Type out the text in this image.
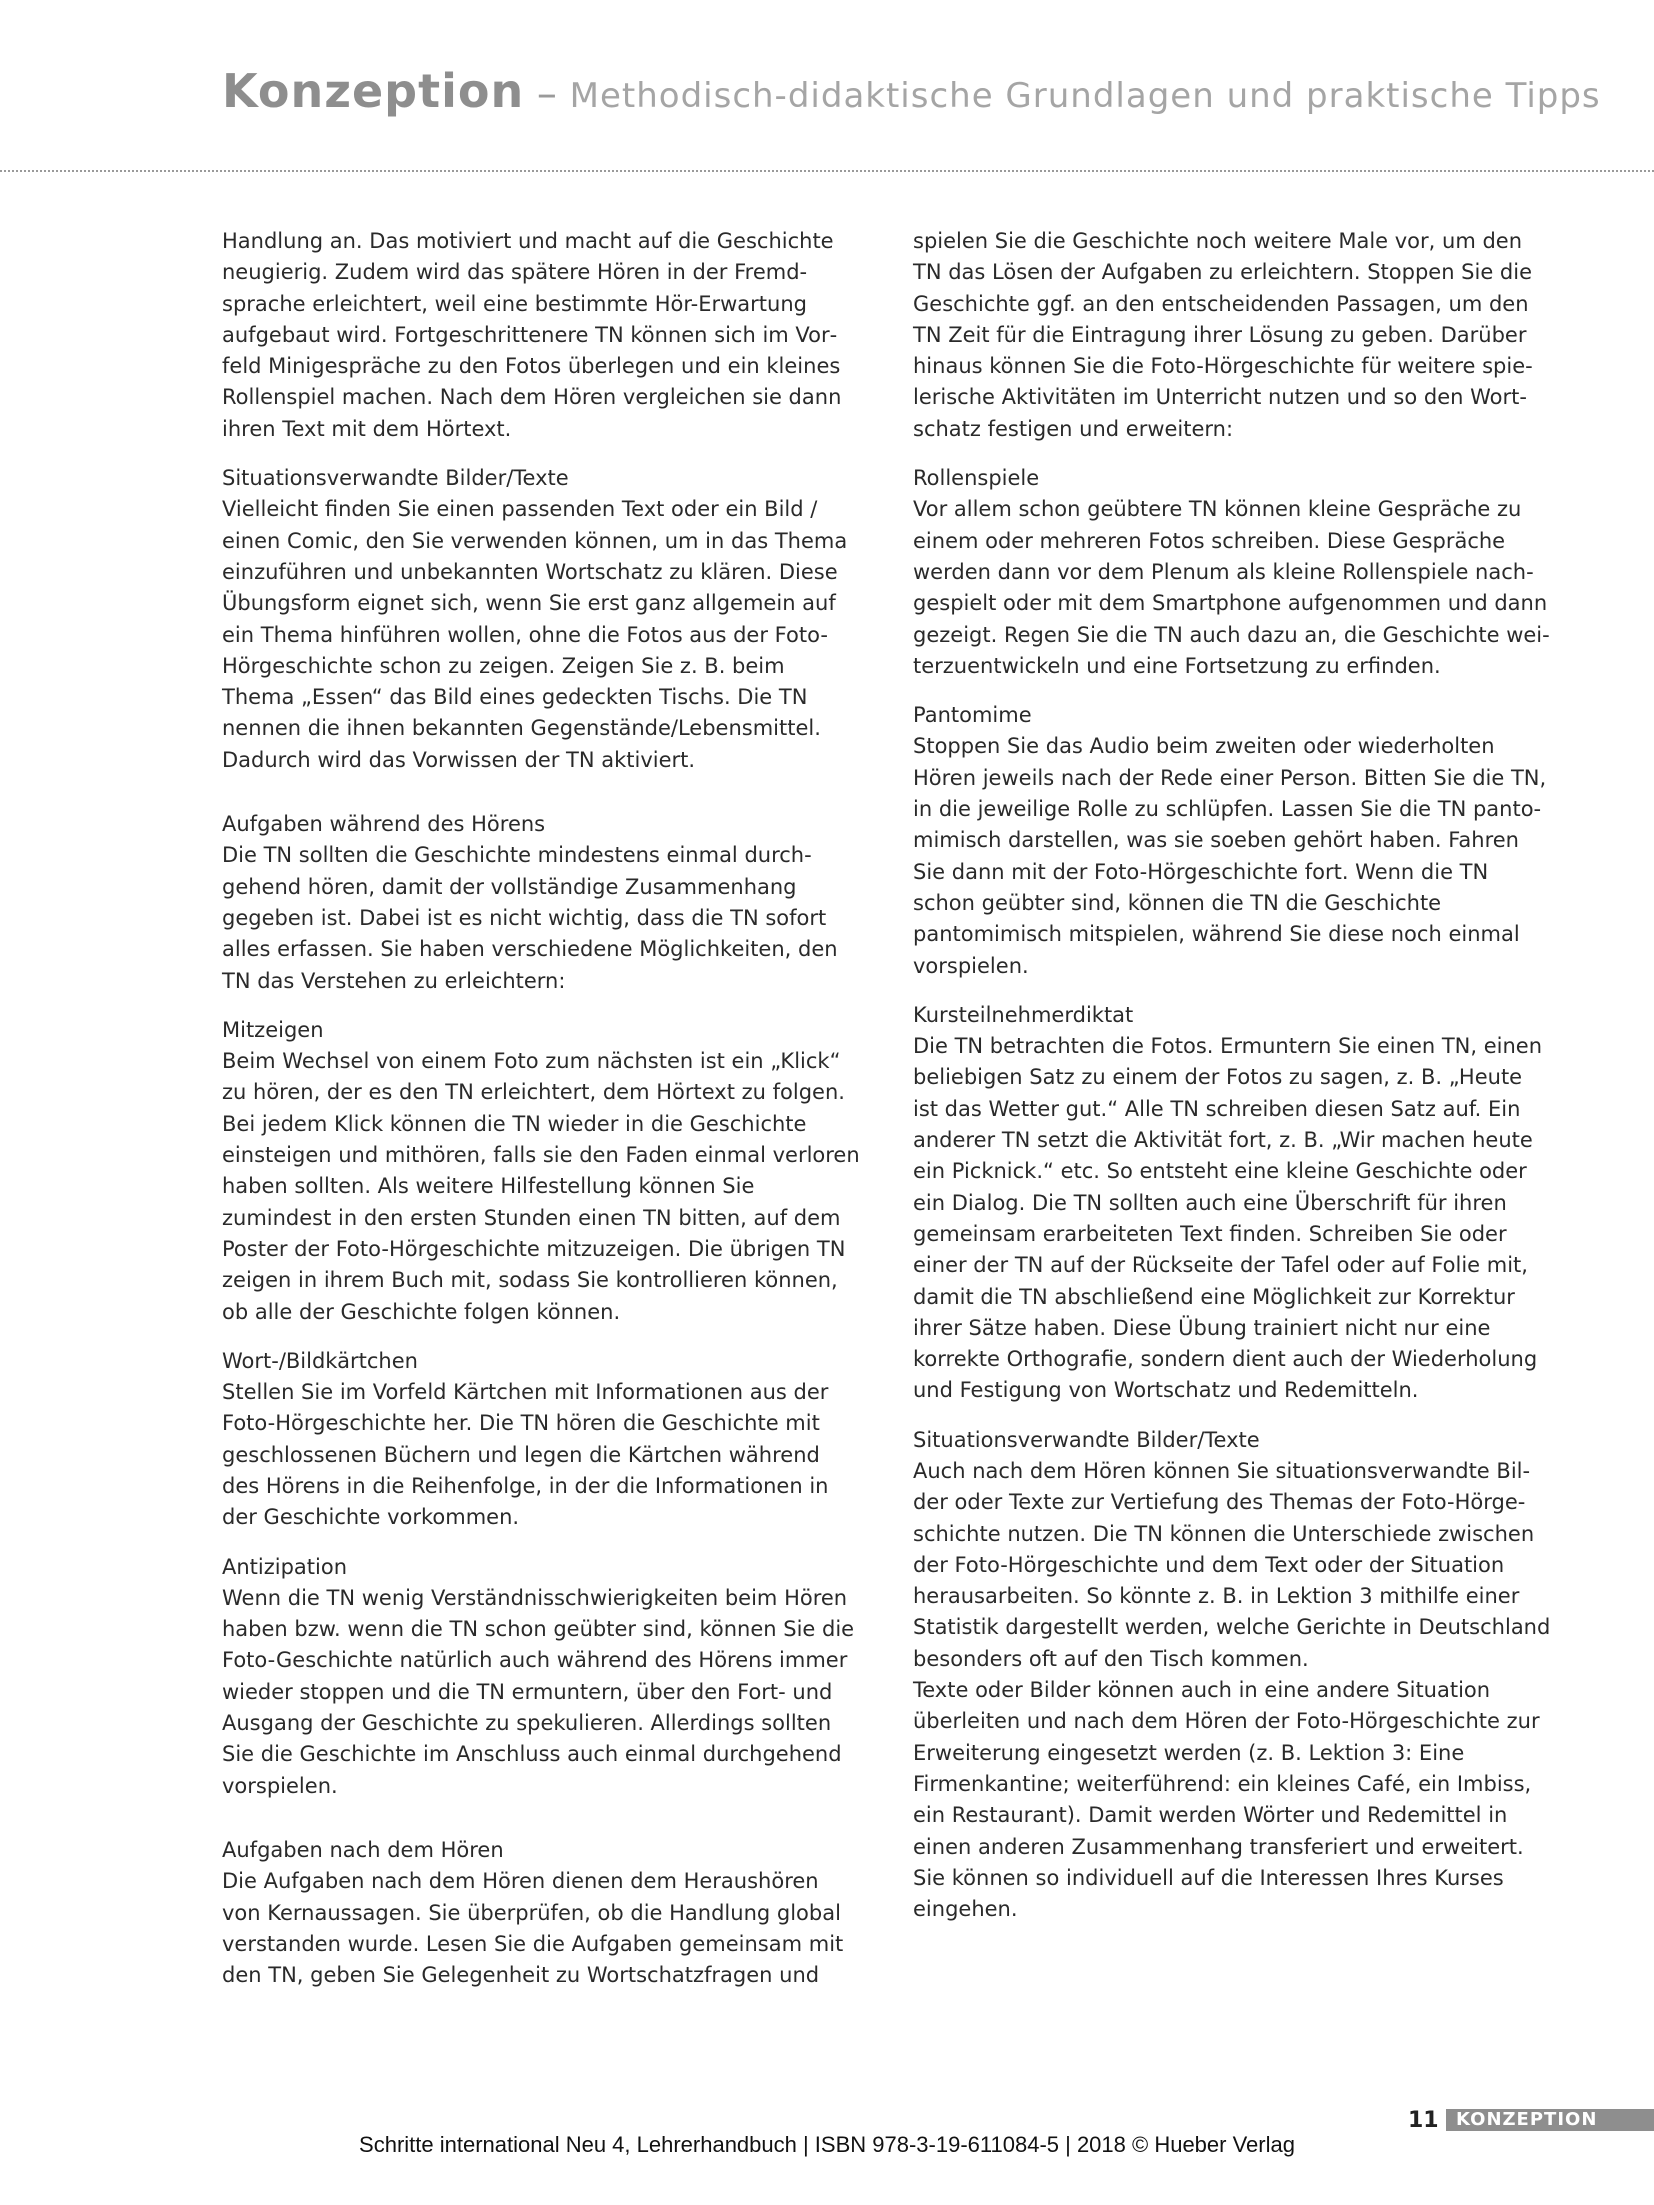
Konzeption – Methodisch-didaktische Grundlagen und praktische Tipps
Handlung an. Das motiviert und macht auf die Geschichte neugierig. Zudem wird das spätere Hören in der Fremdsprache erleichtert, weil eine bestimmte Hör-Erwartung aufgebaut wird. Fortgeschrittenere TN können sich im Vorfeld Minigespräche zu den Fotos überlegen und ein kleines Rollenspiel machen. Nach dem Hören vergleichen sie dann ihren Text mit dem Hörtext.
Situationsverwandte Bilder/Texte
Vielleicht finden Sie einen passenden Text oder ein Bild / einen Comic, den Sie verwenden können, um in das Thema einzuführen und unbekannten Wortschatz zu klären. Diese Übungsform eignet sich, wenn Sie erst ganz allgemein auf ein Thema hinführen wollen, ohne die Fotos aus der Foto-Hörgeschichte schon zu zeigen. Zeigen Sie z. B. beim Thema „Essen“ das Bild eines gedeckten Tischs. Die TN nennen die ihnen bekannten Gegenstände/Lebensmittel. Dadurch wird das Vorwissen der TN aktiviert.
Aufgaben während des Hörens
Die TN sollten die Geschichte mindestens einmal durchgehend hören, damit der vollständige Zusammenhang gegeben ist. Dabei ist es nicht wichtig, dass die TN sofort alles erfassen. Sie haben verschiedene Möglichkeiten, den TN das Verstehen zu erleichtern:
Mitzeigen
Beim Wechsel von einem Foto zum nächsten ist ein „Klick“ zu hören, der es den TN erleichtert, dem Hörtext zu folgen. Bei jedem Klick können die TN wieder in die Geschichte einsteigen und mithören, falls sie den Faden einmal verloren haben sollten. Als weitere Hilfestellung können Sie zumindest in den ersten Stunden einen TN bitten, auf dem Poster der Foto-Hörgeschichte mitzuzeigen. Die übrigen TN zeigen in ihrem Buch mit, sodass Sie kontrollieren können, ob alle der Geschichte folgen können.
Wort-/Bildkärtchen
Stellen Sie im Vorfeld Kärtchen mit Informationen aus der Foto-Hörgeschichte her. Die TN hören die Geschichte mit geschlossenen Büchern und legen die Kärtchen während des Hörens in die Reihenfolge, in der die Informationen in der Geschichte vorkommen.
Antizipation
Wenn die TN wenig Verständnisschwierigkeiten beim Hören haben bzw. wenn die TN schon geübter sind, können Sie die Foto-Geschichte natürlich auch während des Hörens immer wieder stoppen und die TN ermuntern, über den Fort- und Ausgang der Geschichte zu spekulieren. Allerdings sollten Sie die Geschichte im Anschluss auch einmal durchgehend vorspielen.
Aufgaben nach dem Hören
Die Aufgaben nach dem Hören dienen dem Heraushören von Kernaussagen. Sie überprüfen, ob die Handlung global verstanden wurde. Lesen Sie die Aufgaben gemeinsam mit den TN, geben Sie Gelegenheit zu Wortschatzfragen und
spielen Sie die Geschichte noch weitere Male vor, um den TN das Lösen der Aufgaben zu erleichtern. Stoppen Sie die Geschichte ggf. an den entscheidenden Passagen, um den TN Zeit für die Eintragung ihrer Lösung zu geben. Darüber hinaus können Sie die Foto-Hörgeschichte für weitere spielerische Aktivitäten im Unterricht nutzen und so den Wortschatz festigen und erweitern:
Rollenspiele
Vor allem schon geübtere TN können kleine Gespräche zu einem oder mehreren Fotos schreiben. Diese Gespräche werden dann vor dem Plenum als kleine Rollenspiele nachgespielt oder mit dem Smartphone aufgenommen und dann gezeigt. Regen Sie die TN auch dazu an, die Geschichte weiterzuentwickeln und eine Fortsetzung zu erfinden.
Pantomime
Stoppen Sie das Audio beim zweiten oder wiederholten Hören jeweils nach der Rede einer Person. Bitten Sie die TN, in die jeweilige Rolle zu schlüpfen. Lassen Sie die TN pantomimisch darstellen, was sie soeben gehört haben. Fahren Sie dann mit der Foto-Hörgeschichte fort. Wenn die TN schon geübter sind, können die TN die Geschichte pantomimisch mitspielen, während Sie diese noch einmal vorspielen.
Kursteilnehmerdiktat
Die TN betrachten die Fotos. Ermuntern Sie einen TN, einen beliebigen Satz zu einem der Fotos zu sagen, z. B. „Heute ist das Wetter gut.“ Alle TN schreiben diesen Satz auf. Ein anderer TN setzt die Aktivität fort, z. B. „Wir machen heute ein Picknick.“ etc. So entsteht eine kleine Geschichte oder ein Dialog. Die TN sollten auch eine Überschrift für ihren gemeinsam erarbeiteten Text finden. Schreiben Sie oder einer der TN auf der Rückseite der Tafel oder auf Folie mit, damit die TN abschließend eine Möglichkeit zur Korrektur ihrer Sätze haben. Diese Übung trainiert nicht nur eine korrekte Orthografie, sondern dient auch der Wiederholung und Festigung von Wortschatz und Redemitteln.
Situationsverwandte Bilder/Texte
Auch nach dem Hören können Sie situationsverwandte Bilder oder Texte zur Vertiefung des Themas der Foto-Hörgeschichte nutzen. Die TN können die Unterschiede zwischen der Foto-Hörgeschichte und dem Text oder der Situation herausarbeiten. So könnte z. B. in Lektion 3 mithilfe einer Statistik dargestellt werden, welche Gerichte in Deutschland besonders oft auf den Tisch kommen.
Texte oder Bilder können auch in eine andere Situation überleiten und nach dem Hören der Foto-Hörgeschichte zur Erweiterung eingesetzt werden (z. B. Lektion 3: Eine Firmenkantine; weiterführend: ein kleines Café, ein Imbiss, ein Restaurant). Damit werden Wörter und Redemittel in einen anderen Zusammenhang transferiert und erweitert. Sie können so individuell auf die Interessen Ihres Kurses eingehen.
11 KONZEPTION
Schritte international Neu 4, Lehrerhandbuch | ISBN 978-3-19-611084-5 | 2018 © Hueber Verlag
